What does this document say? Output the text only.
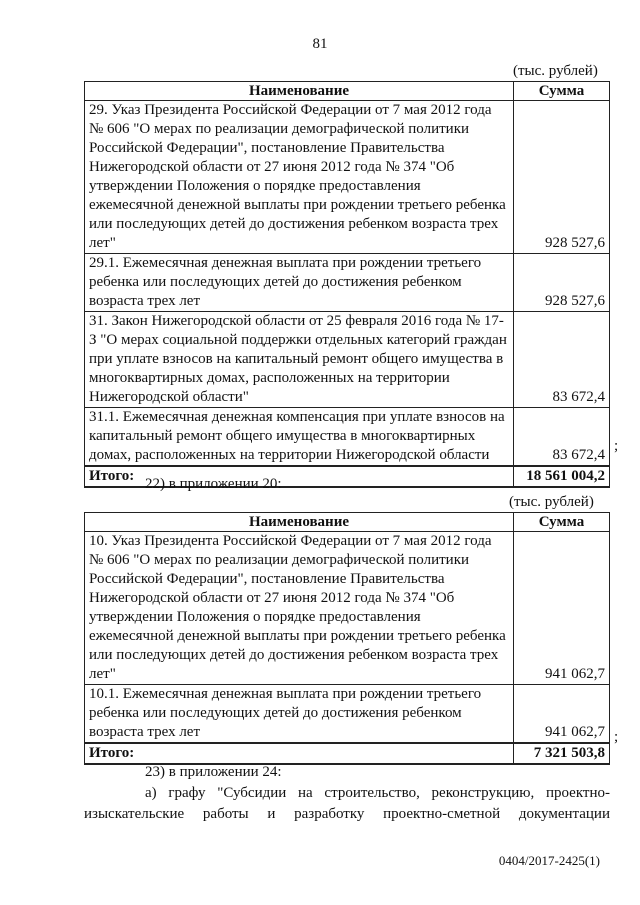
81
(тыс. рублей)
Наименование	Сумма
29. Указ Президента Российской Федерации от 7 мая 2012 года № 606 "О мерах по реализации демографической политики Российской Федерации", постановление Правительства Нижегородской области от 27 июня 2012 года № 374 "Об утверждении Положения о порядке предоставления ежемесячной денежной выплаты при рождении третьего ребенка или последующих детей до достижения ребенком возраста трех лет"	928 527,6
29.1. Ежемесячная денежная выплата при рождении третьего ребенка или последующих детей до достижения ребенком возраста трех лет	928 527,6
31. Закон Нижегородской области от 25 февраля 2016 года № 17-З "О мерах социальной поддержки отдельных категорий граждан при уплате взносов на капитальный ремонт общего имущества в многоквартирных домах, расположенных на территории Нижегородской области"	83 672,4
31.1. Ежемесячная денежная компенсация при уплате взносов на капитальный ремонт общего имущества в многоквартирных домах, расположенных на территории Нижегородской области	83 672,4
Итого:	18 561 004,2
;
22) в приложении 20:
(тыс. рублей)
Наименование	Сумма
10. Указ Президента Российской Федерации от 7 мая 2012 года № 606 "О мерах по реализации демографической политики Российской Федерации", постановление Правительства Нижегородской области от 27 июня 2012 года № 374 "Об утверждении Положения о порядке предоставления ежемесячной денежной выплаты при рождении третьего ребенка или последующих детей до достижения ребенком возраста трех лет"	941 062,7
10.1. Ежемесячная денежная выплата при рождении третьего ребенка или последующих детей до достижения ребенком возраста трех лет	941 062,7
Итого:	7 321 503,8
;
23) в приложении 24:
а) графу "Субсидии на строительство, реконструкцию, проектно-
изыскательские работы и разработку проектно-сметной документации
0404/2017-2425(1)
